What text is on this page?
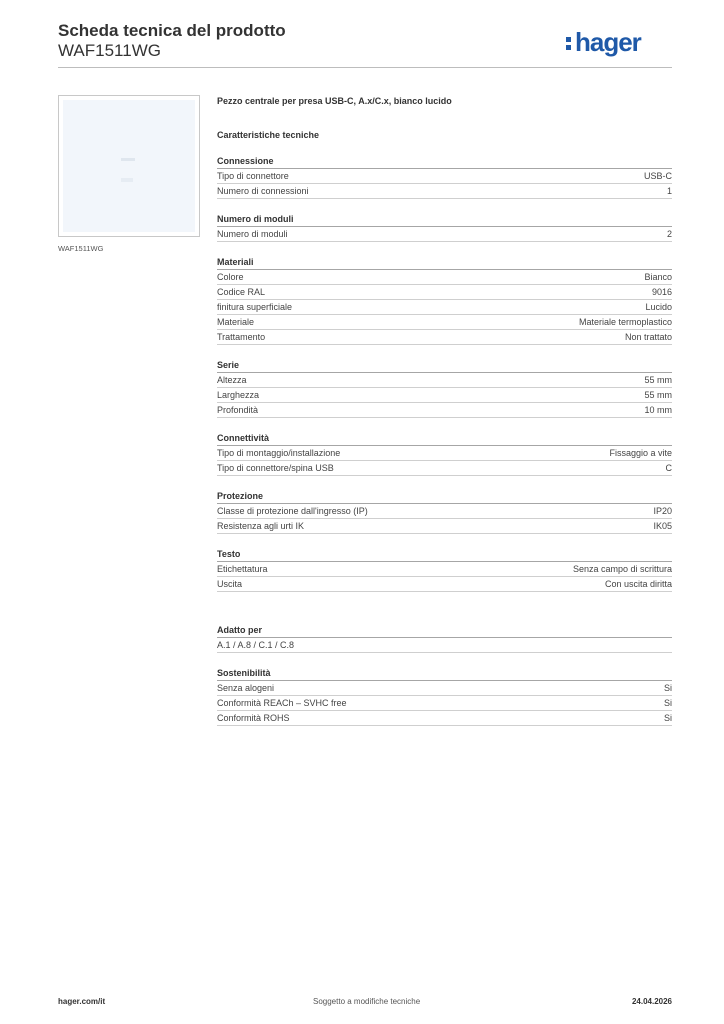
Scheda tecnica del prodotto
WAF1511WG	hager
WAF1511WG
Pezzo centrale per presa USB-C, A.x/C.x, bianco lucido
Caratteristiche tecniche
Connessione
Tipo di connettore	USB-C
Numero di connessioni	1
Numero di moduli
Numero di moduli	2
Materiali
Colore	Bianco
Codice RAL	9016
finitura superficiale	Lucido
Materiale	Materiale termoplastico
Trattamento	Non trattato
Serie
Altezza	55 mm
Larghezza	55 mm
Profondità	10 mm
Connettività
Tipo di montaggio/installazione	Fissaggio a vite
Tipo di connettore/spina USB	C
Protezione
Classe di protezione dall'ingresso (IP)	IP20
Resistenza agli urti IK	IK05
Testo
Etichettatura	Senza campo di scrittura
Uscita	Con uscita diritta
Adatto per
A.1 / A.8 / C.1 / C.8
Sostenibilità
Senza alogeni	Si
Conformità REACh – SVHC free	Si
Conformità ROHS	Si
hager.com/it	Soggetto a modifiche tecniche	24.04.2026
